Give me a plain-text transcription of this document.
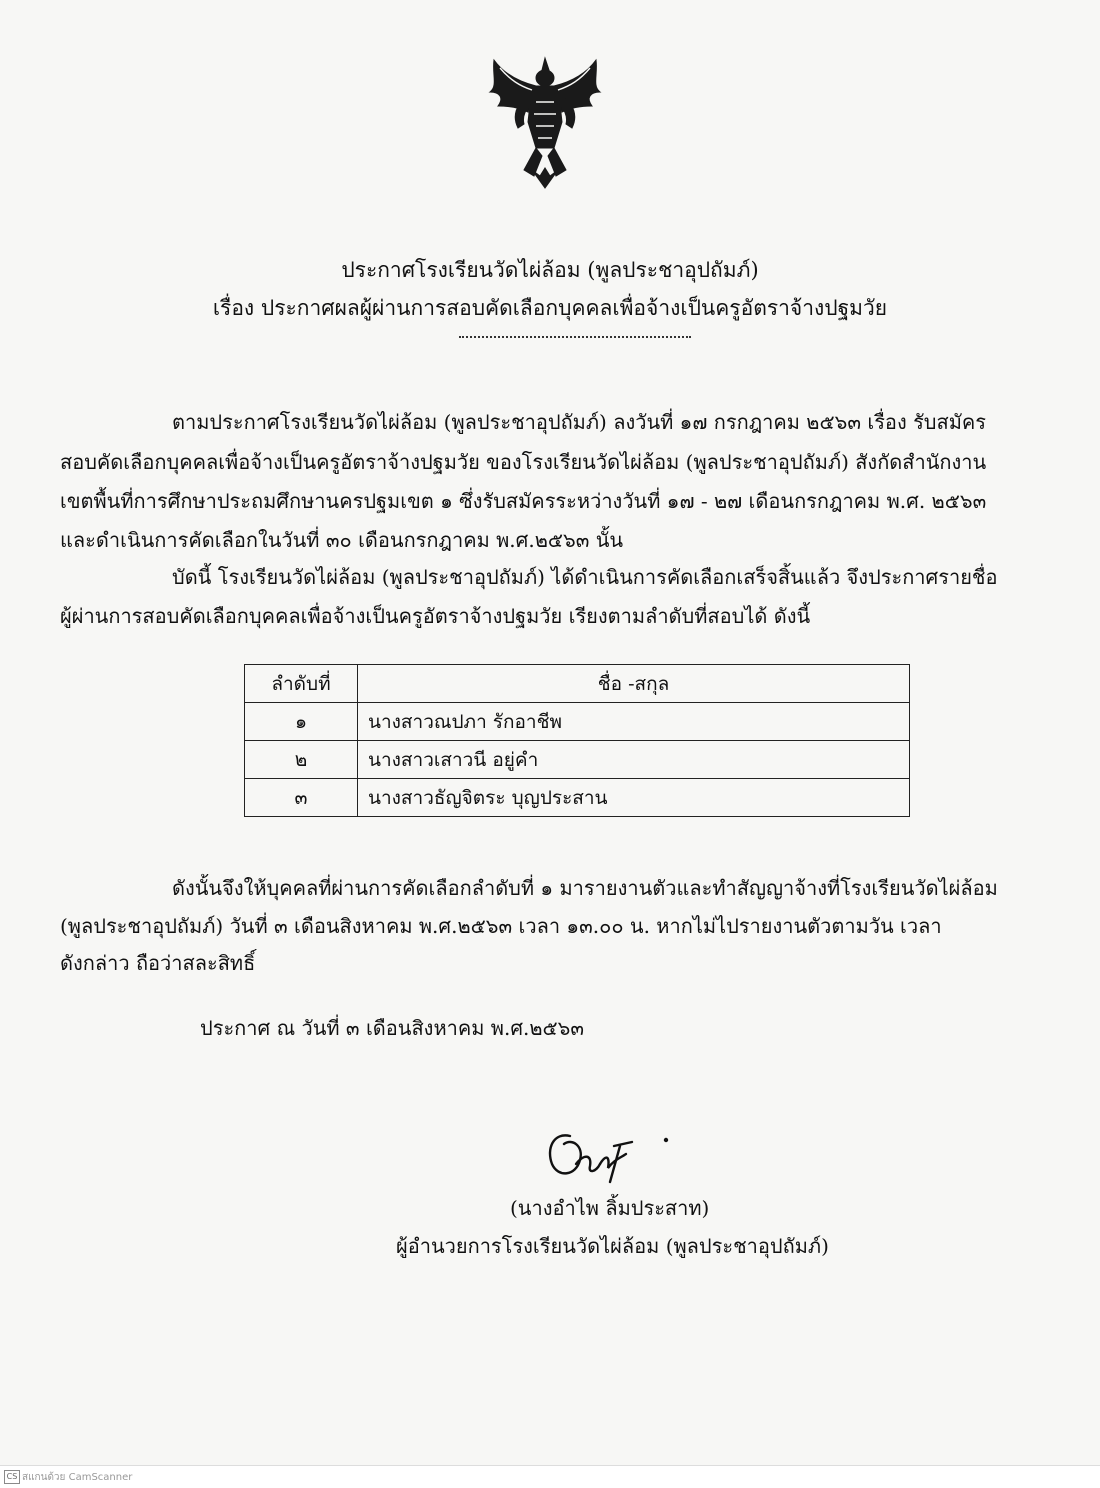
ประกาศโรงเรียนวัดไผ่ล้อม (พูลประชาอุปถัมภ์)
เรื่อง ประกาศผลผู้ผ่านการสอบคัดเลือกบุคคลเพื่อจ้างเป็นครูอัตราจ้างปฐมวัย
ตามประกาศโรงเรียนวัดไผ่ล้อม (พูลประชาอุปถัมภ์) ลงวันที่ ๑๗ กรกฎาคม ๒๕๖๓ เรื่อง รับสมัคร
สอบคัดเลือกบุคคลเพื่อจ้างเป็นครูอัตราจ้างปฐมวัย ของโรงเรียนวัดไผ่ล้อม (พูลประชาอุปถัมภ์) สังกัดสำนักงาน
เขตพื้นที่การศึกษาประถมศึกษานครปฐมเขต ๑ ซึ่งรับสมัครระหว่างวันที่ ๑๗ - ๒๗ เดือนกรกฎาคม พ.ศ. ๒๕๖๓
และดำเนินการคัดเลือกในวันที่ ๓๐ เดือนกรกฎาคม พ.ศ.๒๕๖๓ นั้น
บัดนี้ โรงเรียนวัดไผ่ล้อม (พูลประชาอุปถัมภ์) ได้ดำเนินการคัดเลือกเสร็จสิ้นแล้ว จึงประกาศรายชื่อ
ผู้ผ่านการสอบคัดเลือกบุคคลเพื่อจ้างเป็นครูอัตราจ้างปฐมวัย เรียงตามลำดับที่สอบได้ ดังนี้
ลำดับที่	ชื่อ -สกุล
๑	นางสาวณปภา รักอาชีพ
๒	นางสาวเสาวนี อยู่คำ
๓	นางสาวธัญจิตระ บุญประสาน
ดังนั้นจึงให้บุคคลที่ผ่านการคัดเลือกลำดับที่ ๑ มารายงานตัวและทำสัญญาจ้างที่โรงเรียนวัดไผ่ล้อม
(พูลประชาอุปถัมภ์) วันที่ ๓ เดือนสิงหาคม พ.ศ.๒๕๖๓ เวลา ๑๓.๐๐ น. หากไม่ไปรายงานตัวตามวัน เวลา
ดังกล่าว ถือว่าสละสิทธิ์
ประกาศ ณ วันที่ ๓ เดือนสิงหาคม พ.ศ.๒๕๖๓
(นางอำไพ ลิ้มประสาท)
ผู้อำนวยการโรงเรียนวัดไผ่ล้อม (พูลประชาอุปถัมภ์)
CS สแกนด้วย CamScanner
